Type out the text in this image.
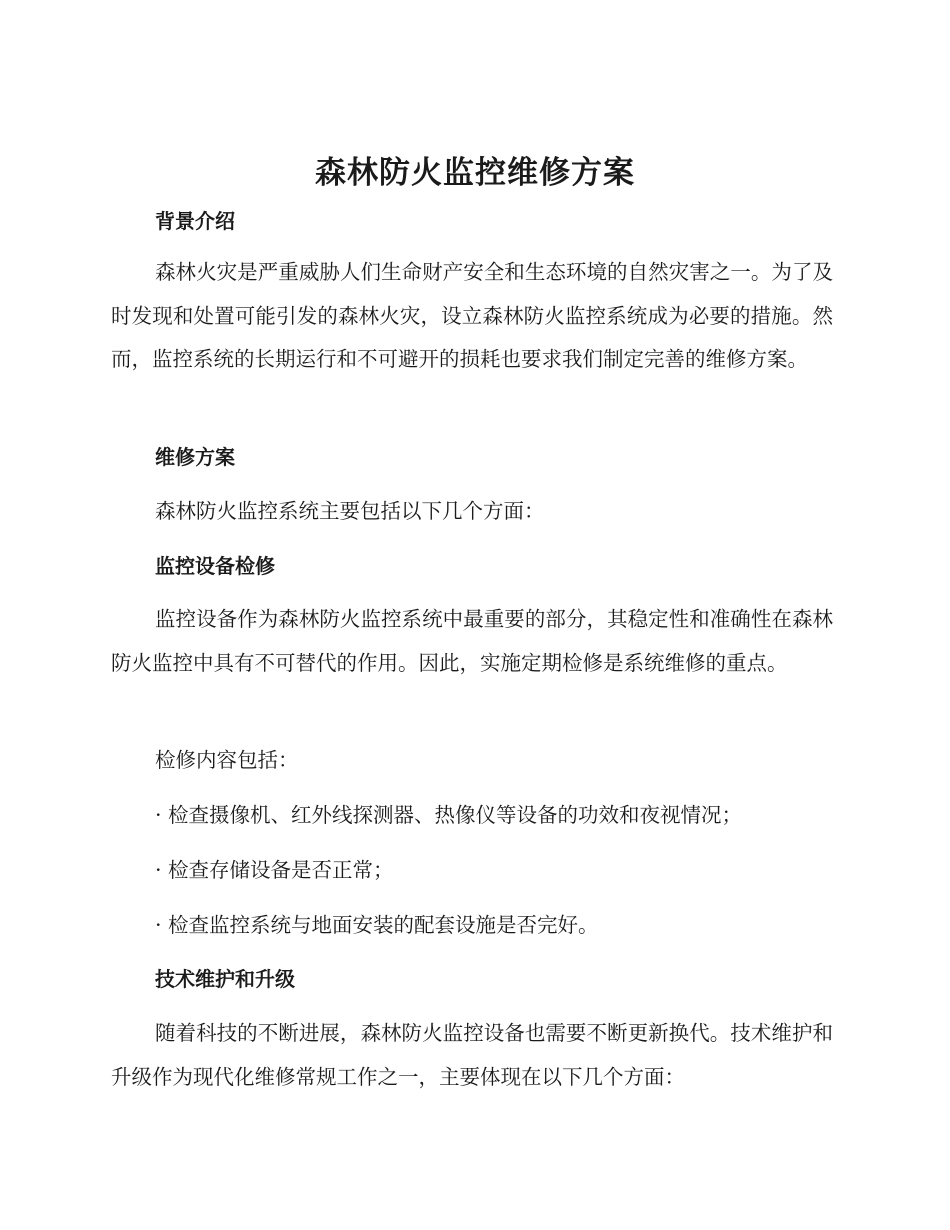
森林防火监控维修方案
背景介绍

森林火灾是严重威胁人们生命财产安全和生态环境的自然灾害之一。为了及时发现和处置可能引发的森林火灾，设立森林防火监控系统成为必要的措施。然而，监控系统的长期运行和不可避开的损耗也要求我们制定完善的维修方案。

维修方案
森林防火监控系统主要包括以下几个方面：
监控设备检修

监控设备作为森林防火监控系统中最重要的部分，其稳定性和准确性在森林防火监控中具有不可替代的作用。因此，实施定期检修是系统维修的重点。

检修内容包括：
· 检查摄像机、红外线探测器、热像仪等设备的功效和夜视情况；
· 检查存储设备是否正常；
· 检查监控系统与地面安装的配套设施是否完好。
技术维护和升级

随着科技的不断进展，森林防火监控设备也需要不断更新换代。技术维护和升级作为现代化维修常规工作之一，主要体现在以下几个方面：
